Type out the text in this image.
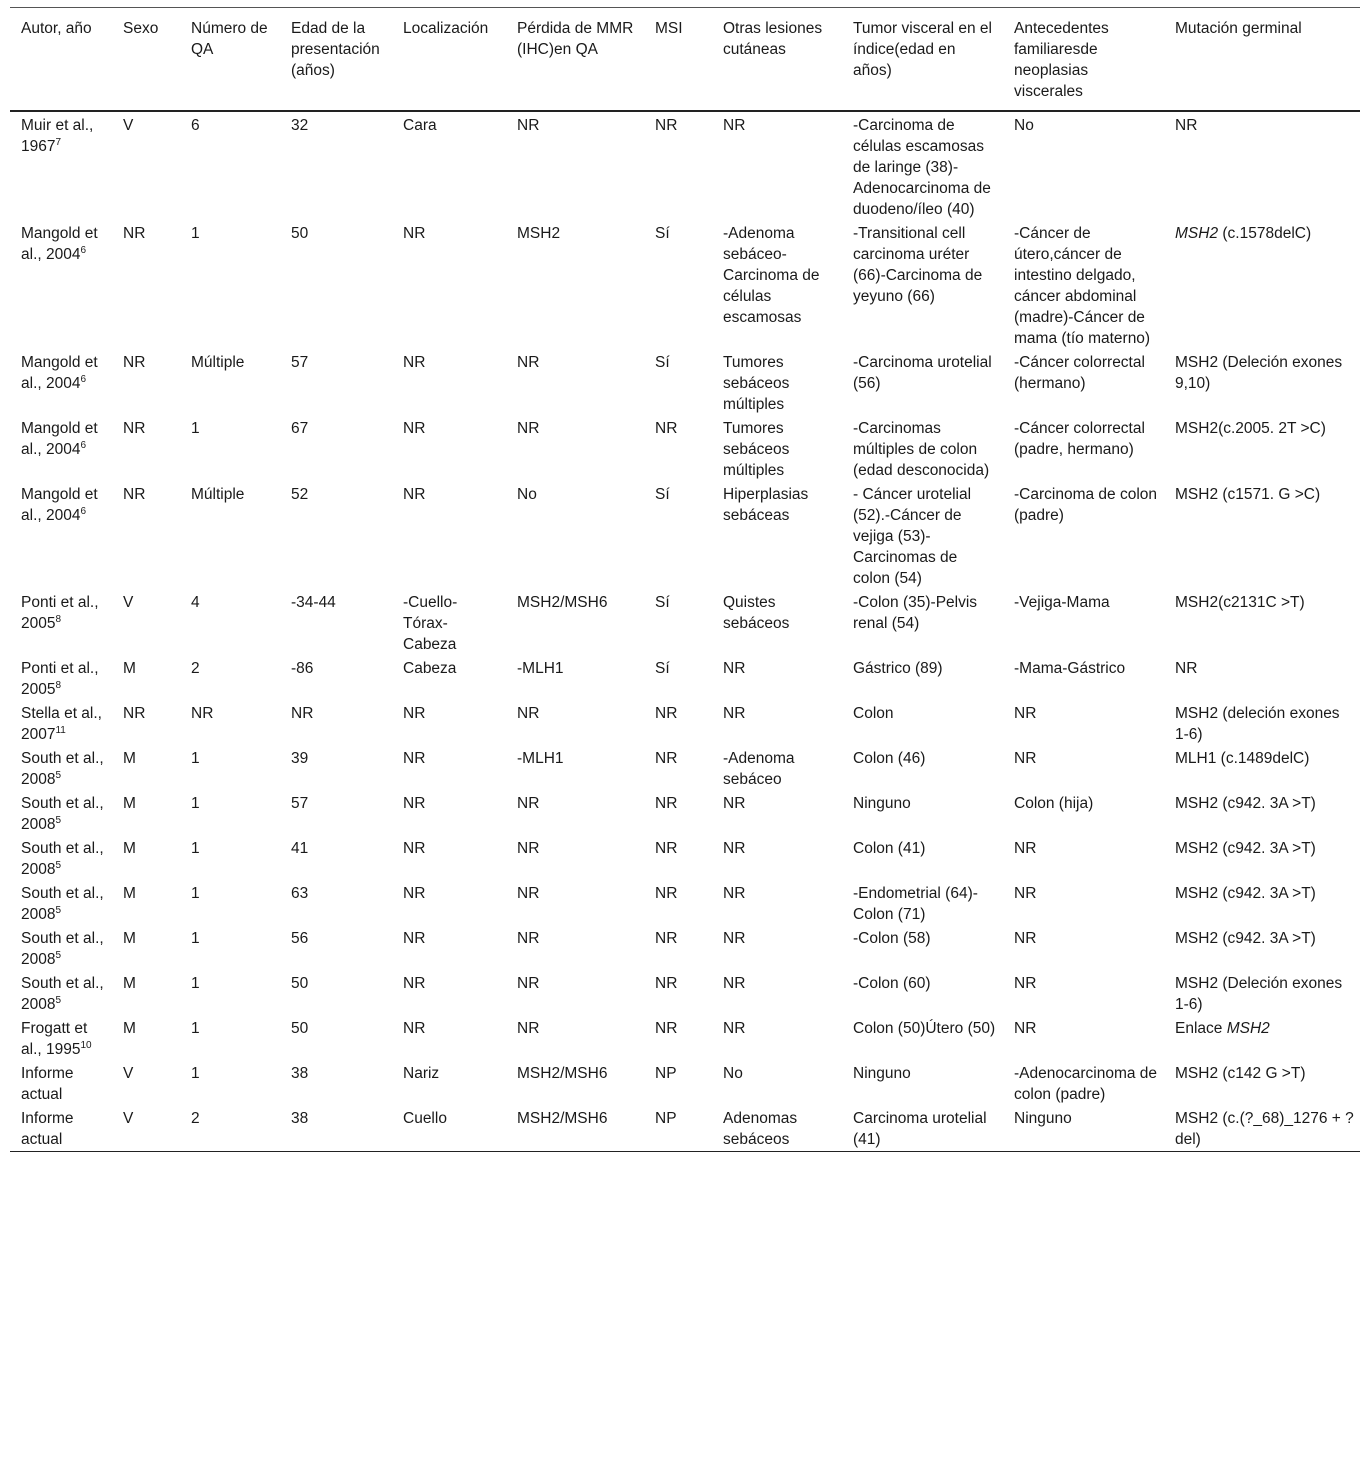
Autor, año	Sexo	Número de QA	Edad de la presentación (años)	Localización	Pérdida de MMR (IHC)en QA	MSI	Otras lesiones cutáneas	Tumor visceral en el índice(edad en años)	Antecedentes familiaresde neoplasias viscerales	Mutación germinal
Muir et al., 1967$^7$	V	6	32	Cara	NR	NR	NR	-Carcinoma de células escamosas de laringe (38)-Adenocarcinoma de duodeno/íleo (40)	No	NR
Mangold et al., 2004$^6$	NR	1	50	NR	MSH2	Sí	-Adenoma sebáceo-Carcinoma de células escamosas	-Transitional cell carcinoma uréter (66)-Carcinoma de yeyuno (66)	-Cáncer de útero,cáncer de intestino delgado, cáncer abdominal (madre)-Cáncer de mama (tío materno)	MSH2 (c.1578delC)
Mangold et al., 2004$^6$	NR	Múltiple	57	NR	NR	Sí	Tumores sebáceos múltiples	-Carcinoma urotelial (56)	-Cáncer colorrectal (hermano)	MSH2 (Deleción exones 9,10)
Mangold et al., 2004$^6$	NR	1	67	NR	NR	NR	Tumores sebáceos múltiples	-Carcinomas múltiples de colon (edad desconocida)	-Cáncer colorrectal (padre, hermano)	MSH2(c.2005. 2T >C)
Mangold et al., 2004$^6$	NR	Múltiple	52	NR	No	Sí	Hiperplasias sebáceas	- Cáncer urotelial (52).-Cáncer de vejiga (53)-Carcinomas de colon (54)	-Carcinoma de colon (padre)	MSH2 (c1571. G >C)
Ponti et al., 2005$^8$	V	4	-34-44	-Cuello-Tórax-Cabeza	MSH2/MSH6	Sí	Quistes sebáceos	-Colon (35)-Pelvis renal (54)	-Vejiga-Mama	MSH2(c2131C >T)
Ponti et al., 2005$^8$	M	2	-86	Cabeza	-MLH1	Sí	NR	Gástrico (89)	-Mama-Gástrico	NR
Stella et al., 2007$^{11}$	NR	NR	NR	NR	NR	NR	NR	Colon	NR	MSH2 (deleción exones 1-6)
South et al., 2008$^5$	M	1	39	NR	-MLH1	NR	-Adenoma sebáceo	Colon (46)	NR	MLH1 (c.1489delC)
South et al., 2008$^5$	M	1	57	NR	NR	NR	NR	Ninguno	Colon (hija)	MSH2 (c942. 3A >T)
South et al., 2008$^5$	M	1	41	NR	NR	NR	NR	Colon (41)	NR	MSH2 (c942. 3A >T)
South et al., 2008$^5$	M	1	63	NR	NR	NR	NR	-Endometrial (64)-Colon (71)	NR	MSH2 (c942. 3A >T)
South et al., 2008$^5$	M	1	56	NR	NR	NR	NR	-Colon (58)	NR	MSH2 (c942. 3A >T)
South et al., 2008$^5$	M	1	50	NR	NR	NR	NR	-Colon (60)	NR	MSH2 (Deleción exones 1-6)
Frogatt et al., 1995$^{10}$	M	1	50	NR	NR	NR	NR	Colon (50)Útero (50)	NR	Enlace MSH2
Informe actual	V	1	38	Nariz	MSH2/MSH6	NP	No	Ninguno	-Adenocarcinoma de colon (padre)	MSH2 (c142 G >T)
Informe actual	V	2	38	Cuello	MSH2/MSH6	NP	Adenomas sebáceos	Carcinoma urotelial (41)	Ninguno	MSH2 (c.(?_68)_1276 + ? del)
